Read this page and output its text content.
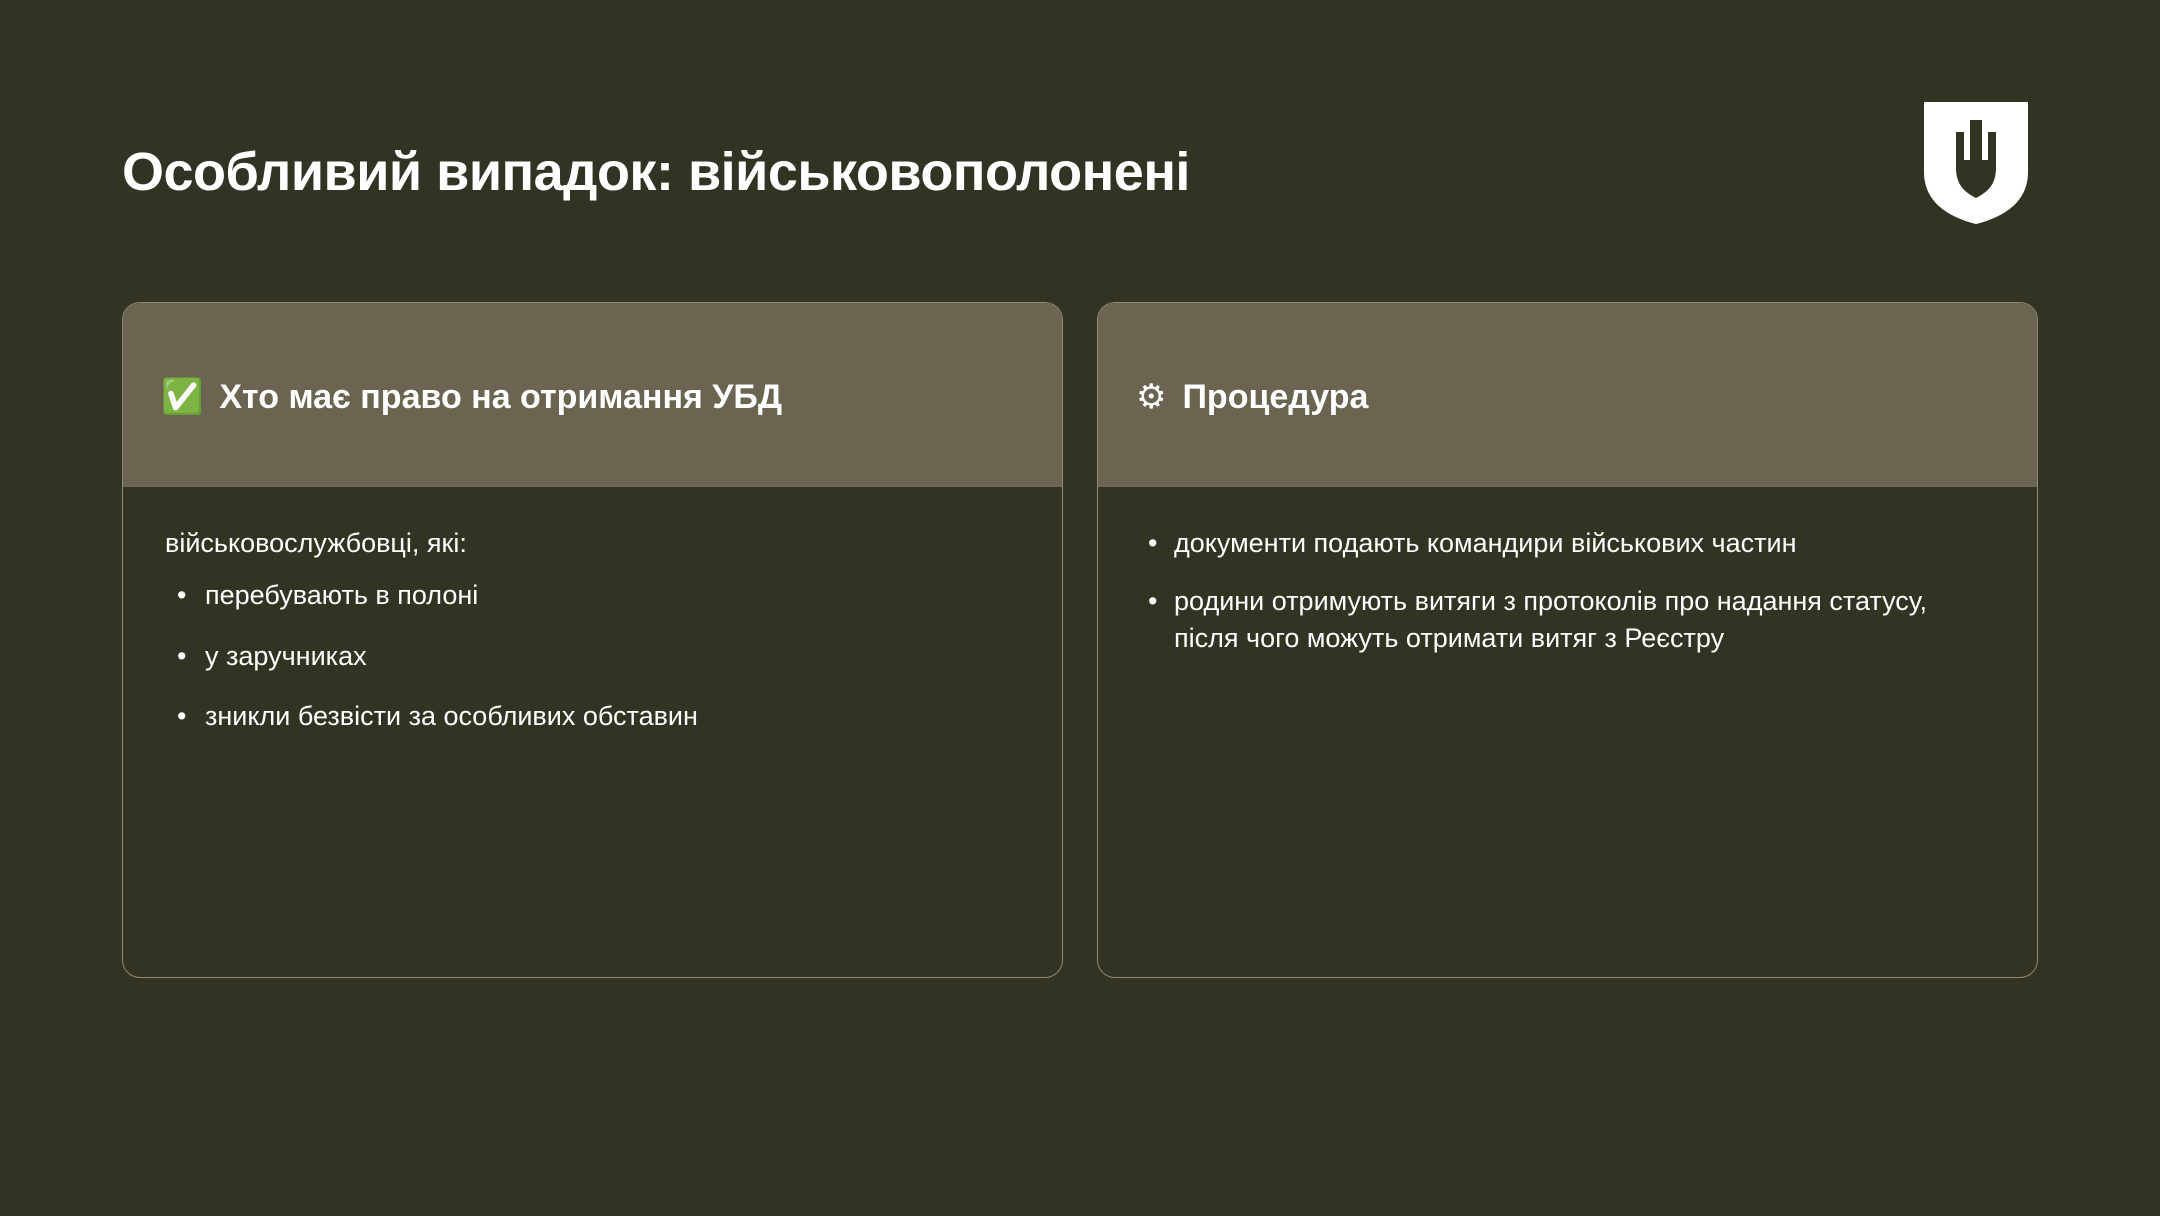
Особливий випадок: військовополонені
✅ Хто має право на отримання УБД

військовослужбовці, які:

• перебувають в полоні
• у заручниках
• зникли безвісти за особливих обставин
⚙ Процедура
• документи подають командири військових частин
• родини отримують витяги з протоколів про надання статусу, після чого можуть отримати витяг з Реєстру
